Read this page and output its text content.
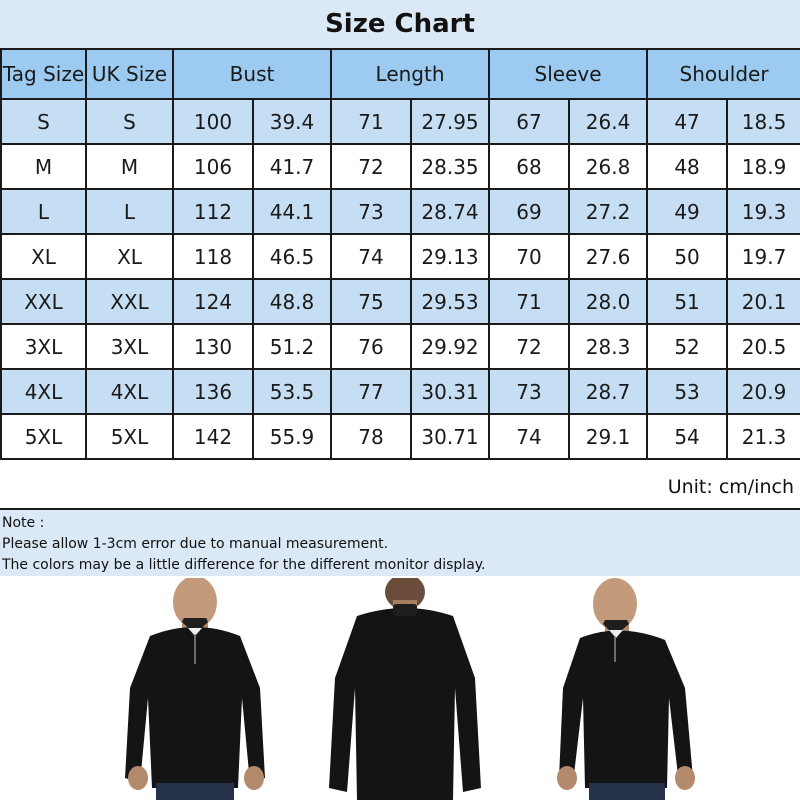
Size Chart
Tag Size	UK Size	Bust		Length		Sleeve		Shoulder	
S	S	100	39.4	71	27.95	67	26.4	47	18.5
M	M	106	41.7	72	28.35	68	26.8	48	18.9
L	L	112	44.1	73	28.74	69	27.2	49	19.3
XL	XL	118	46.5	74	29.13	70	27.6	50	19.7
XXL	XXL	124	48.8	75	29.53	71	28.0	51	20.1
3XL	3XL	130	51.2	76	29.92	72	28.3	52	20.5
4XL	4XL	136	53.5	77	30.31	73	28.7	53	20.9
5XL	5XL	142	55.9	78	30.71	74	29.1	54	21.3
Unit: cm/inch
Note :
Please allow 1-3cm error due to manual measurement.
The colors may be a little difference for the different monitor display.
